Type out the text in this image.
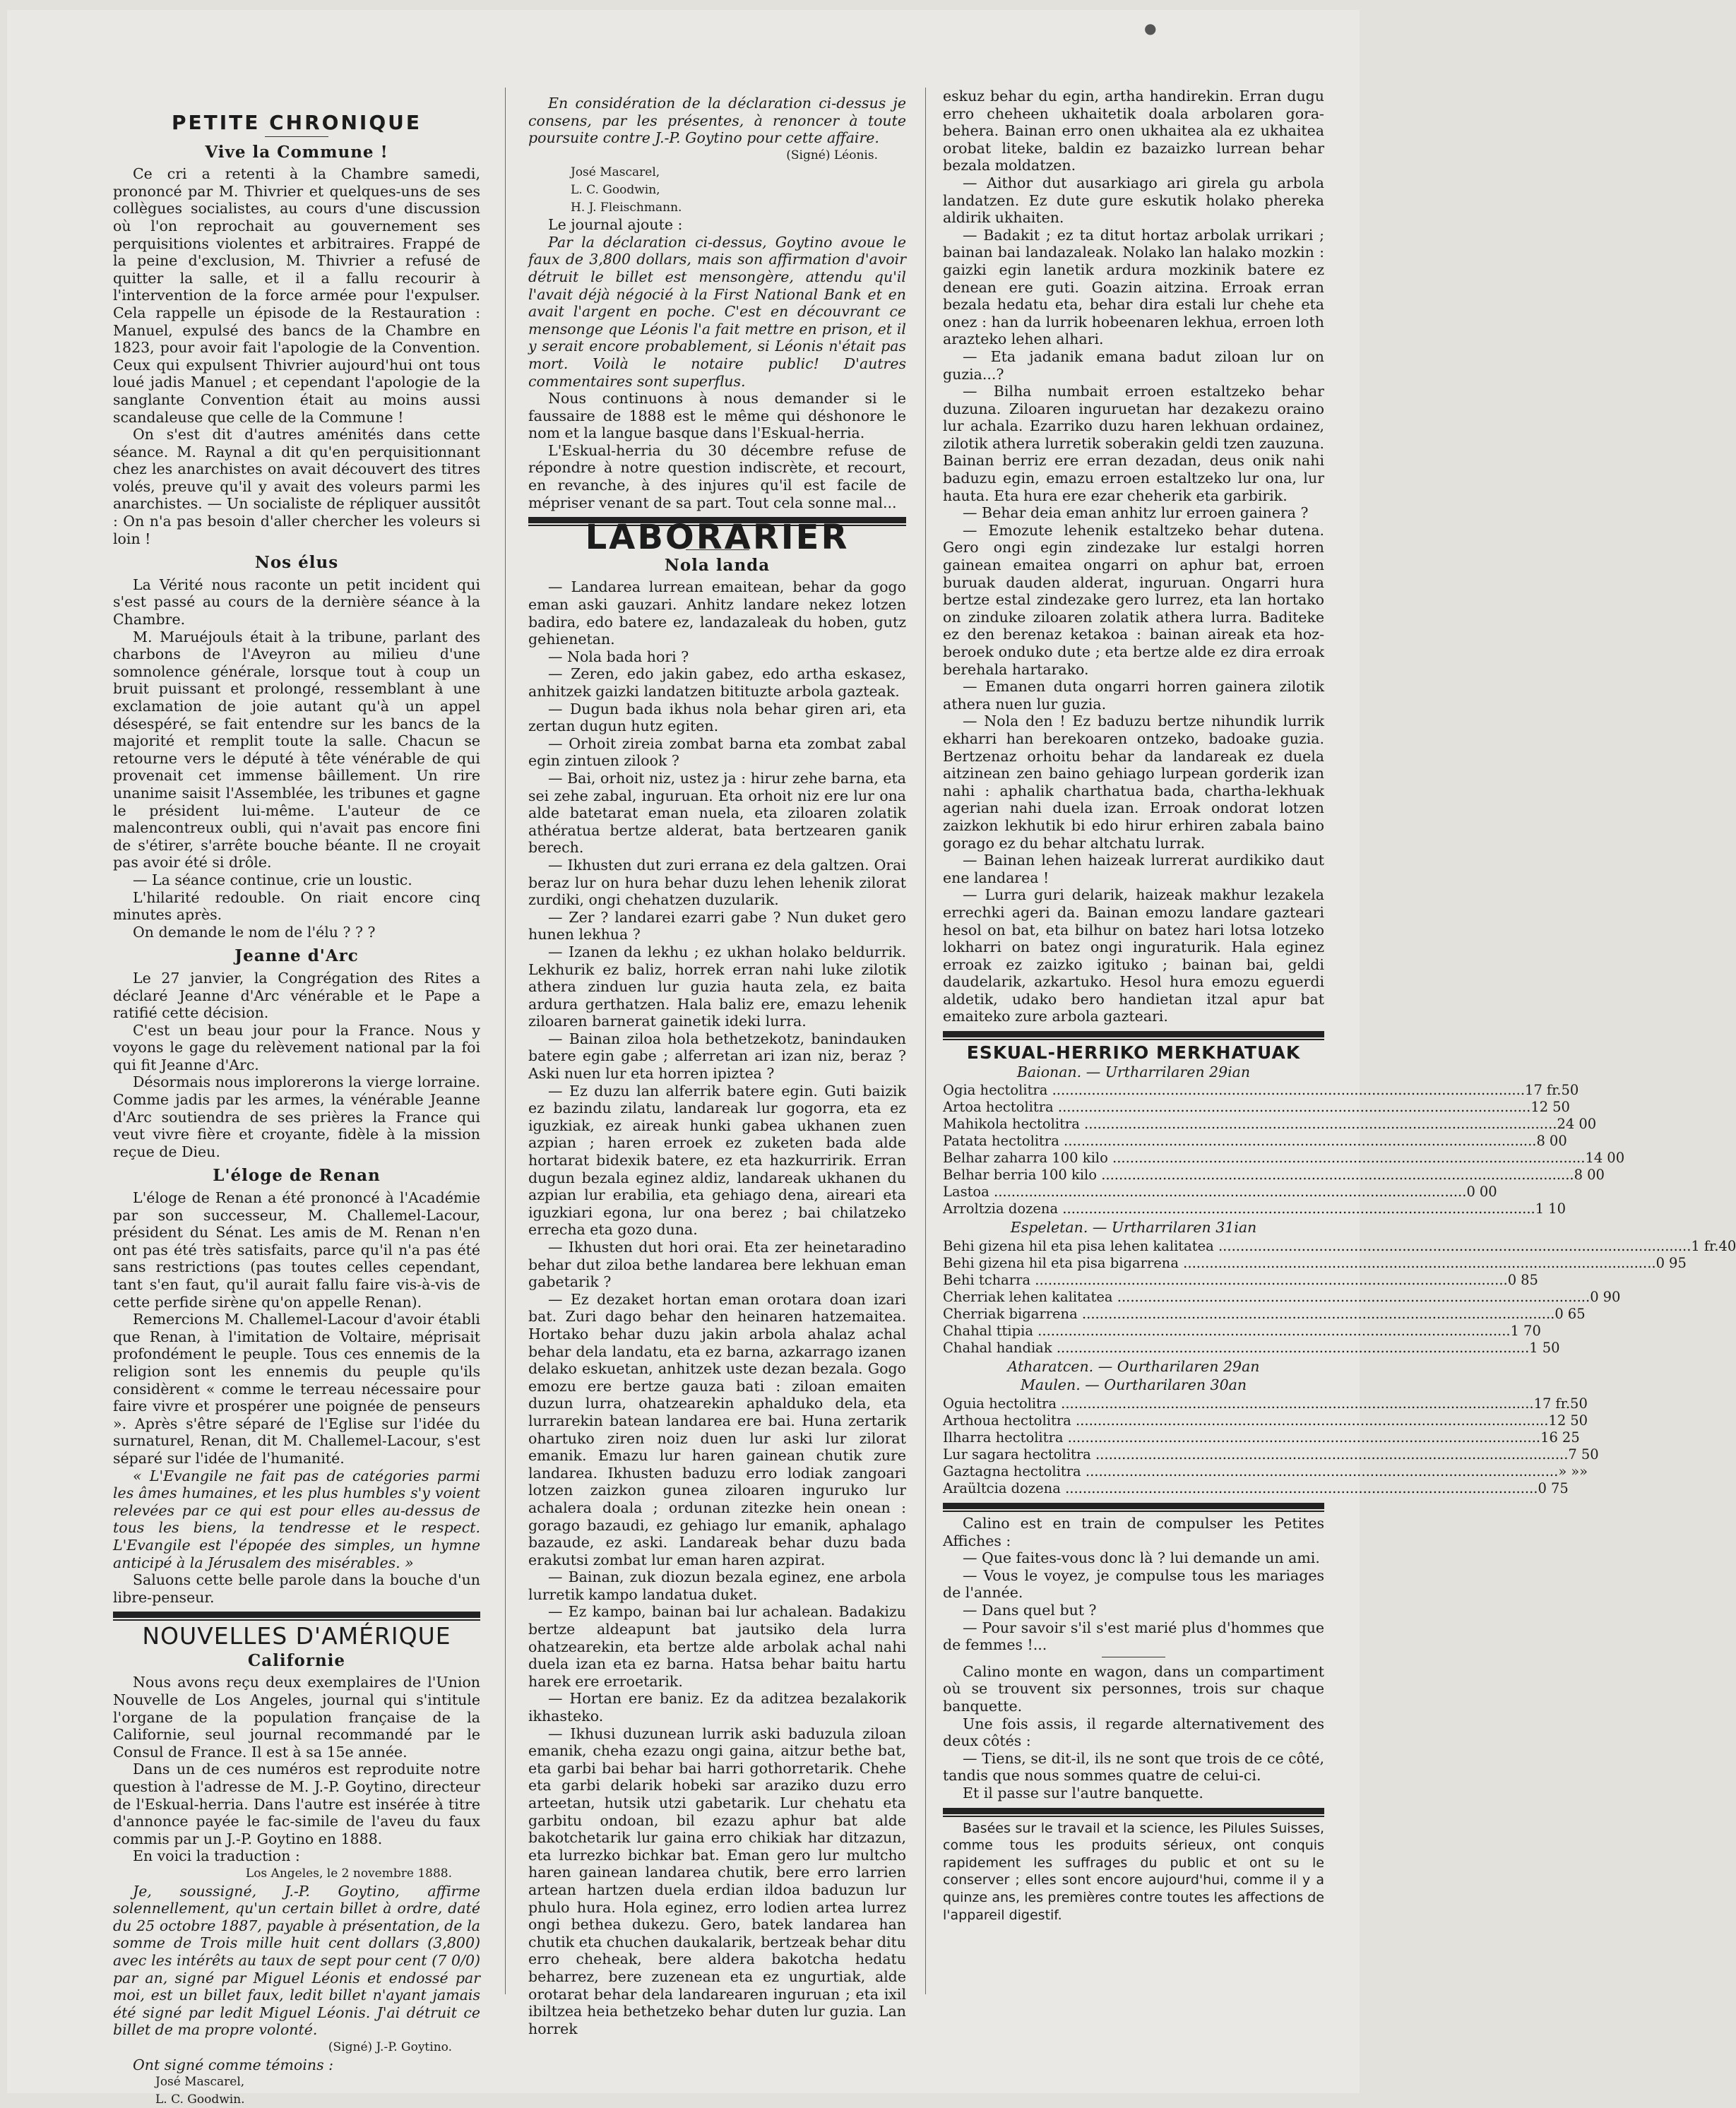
●
PETITE CHRONIQUE
Vive la Commune !

Ce cri a retenti à la Chambre samedi, prononcé par M. Thivrier et quelques-uns de ses collègues socialistes, au cours d'une discussion où l'on reprochait au gouvernement ses perquisitions violentes et arbitraires. Frappé de la peine d'exclusion, M. Thivrier a refusé de quitter la salle, et il a fallu recourir à l'intervention de la force armée pour l'expulser. Cela rappelle un épisode de la Restauration : Manuel, expulsé des bancs de la Chambre en 1823, pour avoir fait l'apologie de la Convention. Ceux qui expulsent Thivrier aujourd'hui ont tous loué jadis Manuel ; et cependant l'apologie de la sanglante Convention était au moins aussi scandaleuse que celle de la Commune !

On s'est dit d'autres aménités dans cette séance. M. Raynal a dit qu'en perquisitionnant chez les anarchistes on avait découvert des titres volés, preuve qu'il y avait des voleurs parmi les anarchistes. — Un socialiste de répliquer aussitôt : On n'a pas besoin d'aller chercher les voleurs si loin !

Nos élus

La Vérité nous raconte un petit incident qui s'est passé au cours de la dernière séance à la Chambre.

M. Maruéjouls était à la tribune, parlant des charbons de l'Aveyron au milieu d'une somnolence générale, lorsque tout à coup un bruit puissant et prolongé, ressemblant à une exclamation de joie autant qu'à un appel désespéré, se fait entendre sur les bancs de la majorité et remplit toute la salle. Chacun se retourne vers le député à tête vénérable de qui provenait cet immense bâillement. Un rire unanime saisit l'Assemblée, les tribunes et gagne le président lui-même. L'auteur de ce malencontreux oubli, qui n'avait pas encore fini de s'étirer, s'arrête bouche béante. Il ne croyait pas avoir été si drôle.

— La séance continue, crie un loustic.

L'hilarité redouble. On riait encore cinq minutes après.

On demande le nom de l'élu ? ? ?

Jeanne d'Arc

Le 27 janvier, la Congrégation des Rites a déclaré Jeanne d'Arc vénérable et le Pape a ratifié cette décision.

C'est un beau jour pour la France. Nous y voyons le gage du relèvement national par la foi qui fit Jeanne d'Arc.

Désormais nous implorerons la vierge lorraine. Comme jadis par les armes, la vénérable Jeanne d'Arc soutiendra de ses prières la France qui veut vivre fière et croyante, fidèle à la mission reçue de Dieu.

L'éloge de Renan

L'éloge de Renan a été prononcé à l'Académie par son successeur, M. Challemel-Lacour, président du Sénat. Les amis de M. Renan n'en ont pas été très satisfaits, parce qu'il n'a pas été sans restrictions (pas toutes celles cependant, tant s'en faut, qu'il aurait fallu faire vis-à-vis de cette perfide sirène qu'on appelle Renan).

Remercions M. Challemel-Lacour d'avoir établi que Renan, à l'imitation de Voltaire, méprisait profondément le peuple. Tous ces ennemis de la religion sont les ennemis du peuple qu'ils considèrent « comme le terreau nécessaire pour faire vivre et prospérer une poignée de penseurs ». Après s'être séparé de l'Eglise sur l'idée du surnaturel, Renan, dit M. Challemel-Lacour, s'est séparé sur l'idée de l'humanité.

« L'Evangile ne fait pas de catégories parmi les âmes humaines, et les plus humbles s'y voient relevées par ce qui est pour elles au-dessus de tous les biens, la tendresse et le respect. L'Evangile est l'épopée des simples, un hymne anticipé à la Jérusalem des misérables. »

Saluons cette belle parole dans la bouche d'un libre-penseur.

NOUVELLES D'AMÉRIQUE
Californie

Nous avons reçu deux exemplaires de l'Union Nouvelle de Los Angeles, journal qui s'intitule l'organe de la population française de la Californie, seul journal recommandé par le Consul de France. Il est à sa 15e année.

Dans un de ces numéros est reproduite notre question à l'adresse de M. J.-P. Goytino, directeur de l'Eskual-herria. Dans l'autre est insérée à titre d'annonce payée le fac-simile de l'aveu du faux commis par un J.-P. Goytino en 1888.

En voici la traduction :

Los Angeles, le 2 novembre 1888.

Je, soussigné, J.-P. Goytino, affirme solennellement, qu'un certain billet à ordre, daté du 25 octobre 1887, payable à présentation, de la somme de Trois mille huit cent dollars (3,800) avec les intérêts au taux de sept pour cent (7 0/0) par an, signé par Miguel Léonis et endossé par moi, est un billet faux, ledit billet n'ayant jamais été signé par ledit Miguel Léonis. J'ai détruit ce billet de ma propre volonté.

(Signé) J.-P. Goytino.

Ont signé comme témoins :

José Mascarel,
L. C. Goodwin.

En considération de la déclaration ci-dessus je consens, par les présentes, à renoncer à toute poursuite contre J.-P. Goytino pour cette affaire.

(Signé) Léonis.
José Mascarel,
L. C. Goodwin,
H. J. Fleischmann.

Le journal ajoute :

Par la déclaration ci-dessus, Goytino avoue le faux de 3,800 dollars, mais son affirmation d'avoir détruit le billet est mensongère, attendu qu'il l'avait déjà négocié à la First National Bank et en avait l'argent en poche. C'est en découvrant ce mensonge que Léonis l'a fait mettre en prison, et il y serait encore probablement, si Léonis n'était pas mort. Voilà le notaire public! D'autres commentaires sont superflus.

Nous continuons à nous demander si le faussaire de 1888 est le même qui déshonore le nom et la langue basque dans l'Eskual-herria.

L'Eskual-herria du 30 décembre refuse de répondre à notre question indiscrète, et recourt, en revanche, à des injures qu'il est facile de mépriser venant de sa part. Tout cela sonne mal...

LABORARIER
Nola landa

— Landarea lurrean emaitean, behar da gogo eman aski gauzari. Anhitz landare nekez lotzen badira, edo batere ez, landazaleak du hoben, gutz gehienetan.

— Nola bada hori ?

— Zeren, edo jakin gabez, edo artha eskasez, anhitzek gaizki landatzen bitituzte arbola gazteak.

— Dugun bada ikhus nola behar giren ari, eta zertan dugun hutz egiten.

— Orhoit zireia zombat barna eta zombat zabal egin zintuen zilook ?

— Bai, orhoit niz, ustez ja : hirur zehe barna, eta sei zehe zabal, inguruan. Eta orhoit niz ere lur ona alde batetarat eman nuela, eta ziloaren zolatik athératua bertze alderat, bata bertzearen ganik berech.

— Ikhusten dut zuri errana ez dela galtzen. Orai beraz lur on hura behar duzu lehen lehenik zilorat zurdiki, ongi chehatzen duzularik.

— Zer ? landarei ezarri gabe ? Nun duket gero hunen lekhua ?

— Izanen da lekhu ; ez ukhan holako beldurrik. Lekhurik ez baliz, horrek erran nahi luke zilotik athera zinduen lur guzia hauta zela, ez baita ardura gerthatzen. Hala baliz ere, emazu lehenik ziloaren barnerat gainetik ideki lurra.

— Bainan ziloa hola bethetzekotz, banindauken batere egin gabe ; alferretan ari izan niz, beraz ? Aski nuen lur eta horren ipiztea ?

— Ez duzu lan alferrik batere egin. Guti baizik ez bazindu zilatu, landareak lur gogorra, eta ez iguzkiak, ez aireak hunki gabea ukhanen zuen azpian ; haren erroek ez zuketen bada alde hortarat bidexik batere, ez eta hazkurririk. Erran dugun bezala eginez aldiz, landareak ukhanen du azpian lur erabilia, eta gehiago dena, aireari eta iguzkiari egona, lur ona berez ; bai chilatzeko errecha eta gozo duna.

— Ikhusten dut hori orai. Eta zer heinetaradino behar dut ziloa bethe landarea bere lekhuan eman gabetarik ?

— Ez dezaket hortan eman orotara doan izari bat. Zuri dago behar den heinaren hatzemaitea. Hortako behar duzu jakin arbola ahalaz achal behar dela landatu, eta ez barna, azkarrago izanen delako eskuetan, anhitzek uste dezan bezala. Gogo emozu ere bertze gauza bati : ziloan emaiten duzun lurra, ohatzearekin aphalduko dela, eta lurrarekin batean landarea ere bai. Huna zertarik ohartuko ziren noiz duen lur aski lur zilorat emanik. Emazu lur haren gainean chutik zure landarea. Ikhusten baduzu erro lodiak zangoari lotzen zaizkon gunea ziloaren inguruko lur achalera doala ; ordunan zitezke hein onean : gorago bazaudi, ez gehiago lur emanik, aphalago bazaude, ez aski. Landareak behar duzu bada erakutsi zombat lur eman haren azpirat.

— Bainan, zuk diozun bezala eginez, ene arbola lurretik kampo landatua duket.

— Ez kampo, bainan bai lur achalean. Badakizu bertze aldeapunt bat jautsiko dela lurra ohatzearekin, eta bertze alde arbolak achal nahi duela izan eta ez barna. Hatsa behar baitu hartu harek ere erroetarik.

— Hortan ere baniz. Ez da aditzea bezalakorik ikhasteko.

— Ikhusi duzunean lurrik aski baduzula ziloan emanik, cheha ezazu ongi gaina, aitzur bethe bat, eta garbi bai behar bai harri gothorretarik. Chehe eta garbi delarik hobeki sar araziko duzu erro arteetan, hutsik utzi gabetarik. Lur chehatu eta garbitu ondoan, bil ezazu aphur bat alde bakotchetarik lur gaina erro chikiak har ditzazun, eta lurrezko bichkar bat. Eman gero lur multcho haren gainean landarea chutik, bere erro larrien artean hartzen duela erdian ildoa baduzun lur phulo hura. Hola eginez, erro lodien artea lurrez ongi bethea dukezu. Gero, batek landarea han chutik eta chuchen daukalarik, bertzeak behar ditu erro cheheak, bere aldera bakotcha hedatu beharrez, bere zuzenean eta ez ungurtiak, alde orotarat behar dela landarearen inguruan ; eta ixil ibiltzea heia bethetzeko behar duten lur guzia. Lan horrek

eskuz behar du egin, artha handirekin. Erran dugu erro cheheen ukhaitetik doala arbolaren gora-behera. Bainan erro onen ukhaitea ala ez ukhaitea orobat liteke, baldin ez bazaizko lurrean behar bezala moldatzen.

— Aithor dut ausarkiago ari girela gu arbola landatzen. Ez dute gure eskutik holako phereka aldirik ukhaiten.

— Badakit ; ez ta ditut hortaz arbolak urrikari ; bainan bai landazaleak. Nolako lan halako mozkin : gaizki egin lanetik ardura mozkinik batere ez denean ere guti. Goazin aitzina. Erroak erran bezala hedatu eta, behar dira estali lur chehe eta onez : han da lurrik hobeenaren lekhua, erroen loth arazteko lehen alhari.

— Eta jadanik emana badut ziloan lur on guzia...?

— Bilha numbait erroen estaltzeko behar duzuna. Ziloaren inguruetan har dezakezu oraino lur achala. Ezarriko duzu haren lekhuan ordainez, zilotik athera lurretik soberakin geldi tzen zauzuna. Bainan berriz ere erran dezadan, deus onik nahi baduzu egin, emazu erroen estaltzeko lur ona, lur hauta. Eta hura ere ezar cheherik eta garbirik.

— Behar deia eman anhitz lur erroen gainera ?

— Emozute lehenik estaltzeko behar dutena. Gero ongi egin zindezake lur estalgi horren gainean emaitea ongarri on aphur bat, erroen buruak dauden alderat, inguruan. Ongarri hura bertze estal zindezake gero lurrez, eta lan hortako on zinduke ziloaren zolatik athera lurra. Baditeke ez den berenaz ketakoa : bainan aireak eta hoz-beroek onduko dute ; eta bertze alde ez dira erroak berehala hartarako.

— Emanen duta ongarri horren gainera zilotik athera nuen lur guzia.

— Nola den ! Ez baduzu bertze nihundik lurrik ekharri han berekoaren ontzeko, badoake guzia. Bertzenaz orhoitu behar da landareak ez duela aitzinean zen baino gehiago lurpean gorderik izan nahi : aphalik charthatua bada, chartha-lekhuak agerian nahi duela izan. Erroak ondorat lotzen zaizkon lekhutik bi edo hirur erhiren zabala baino gorago ez du behar altchatu lurrak.

— Bainan lehen haizeak lurrerat aurdikiko daut ene landarea !

— Lurra guri delarik, haizeak makhur lezakela errechki ageri da. Bainan emozu landare gazteari hesol on bat, eta bilhur on batez hari lotsa lotzeko lokharri on batez ongi inguraturik. Hala eginez erroak ez zaizko igituko ; bainan bai, geldi daudelarik, azkartuko. Hesol hura emozu eguerdi aldetik, udako bero handietan itzal apur bat emaiteko zure arbola gazteari.

ESKUAL-HERRIKO MERKHATUAK
Baionan. — Urtharrilaren 29ian
Ogia hectolitra .....	17 fr. 50
Artoa hectolitra .....	12 50
Mahikola hectolitra .....	24 00
Patata hectolitra .....	8 00
Belhar zaharra 100 kilo .....	14 00
Belhar berria 100 kilo .....	8 00
Lastoa .....	0 00
Arroltzia dozena .....	1 10
Espeletan. — Urtharrilaren 31ian
Behi gizena hil eta pisa lehen kalitatea .....	1 fr. 40
Behi gizena hil eta pisa bigarrena .....	0 95
Behi tcharra .....	0 85
Cherriak lehen kalitatea .....	0 90
Cherriak bigarrena .....	0 65
Chahal ttipia .....	1 70
Chahal handiak .....	1 50
Atharatcen. — Ourtharilaren 29an
Maulen. — Ourtharilaren 30an
Oguia hectolitra .....	17 fr. 50
Arthoua hectolitra .....	12 50
Ilharra hectolitra .....	16 25
Lur sagara hectolitra .....	7 50
Gaztagna hectolitra .....	» »»
Araültcia dozena .....	0 75

Calino est en train de compulser les Petites Affiches :

— Que faites-vous donc là ? lui demande un ami.

— Vous le voyez, je compulse tous les mariages de l'année.

— Dans quel but ?

— Pour savoir s'il s'est marié plus d'hommes que de femmes !...

Calino monte en wagon, dans un compartiment où se trouvent six personnes, trois sur chaque banquette.

Une fois assis, il regarde alternativement des deux côtés :

— Tiens, se dit-il, ils ne sont que trois de ce côté, tandis que nous sommes quatre de celui-ci.

Et il passe sur l'autre banquette.

Basées sur le travail et la science, les Pilules Suisses, comme tous les produits sérieux, ont conquis rapidement les suffrages du public et ont su le conserver ; elles sont encore aujourd'hui, comme il y a quinze ans, les premières contre toutes les affections de l'appareil digestif.
